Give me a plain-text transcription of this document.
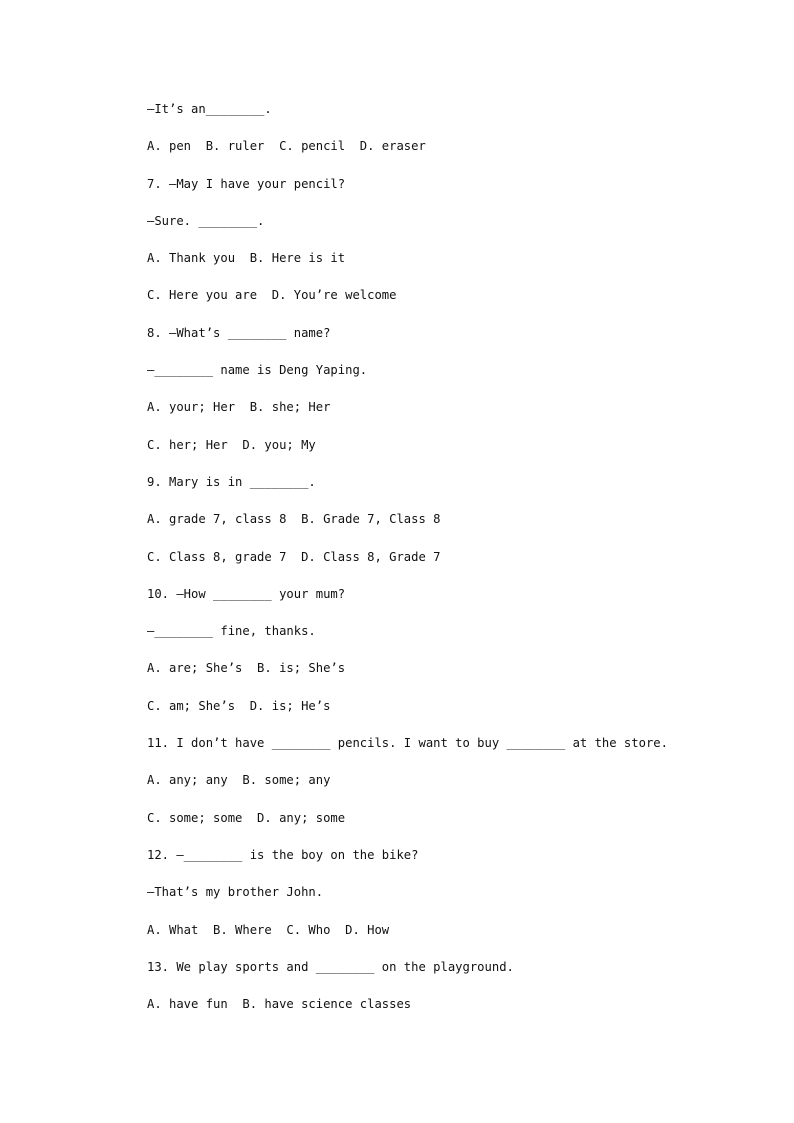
—It’s an________.
A. pen  B. ruler  C. pencil  D. eraser
7. —May I have your pencil?
—Sure. ________.
A. Thank you  B. Here is it
C. Here you are  D. You’re welcome
8. —What’s ________ name?
—________ name is Deng Yaping.
A. your; Her  B. she; Her
C. her; Her  D. you; My
9. Mary is in ________.
A. grade 7, class 8  B. Grade 7, Class 8
C. Class 8, grade 7  D. Class 8, Grade 7
10. —How ________ your mum?
—________ fine, thanks.
A. are; She’s  B. is; She’s
C. am; She’s  D. is; He’s
11. I don’t have ________ pencils. I want to buy ________ at the store.
A. any; any  B. some; any
C. some; some  D. any; some
12. —________ is the boy on the bike?
—That’s my brother John.
A. What  B. Where  C. Who  D. How
13. We play sports and ________ on the playground.
A. have fun  B. have science classes
